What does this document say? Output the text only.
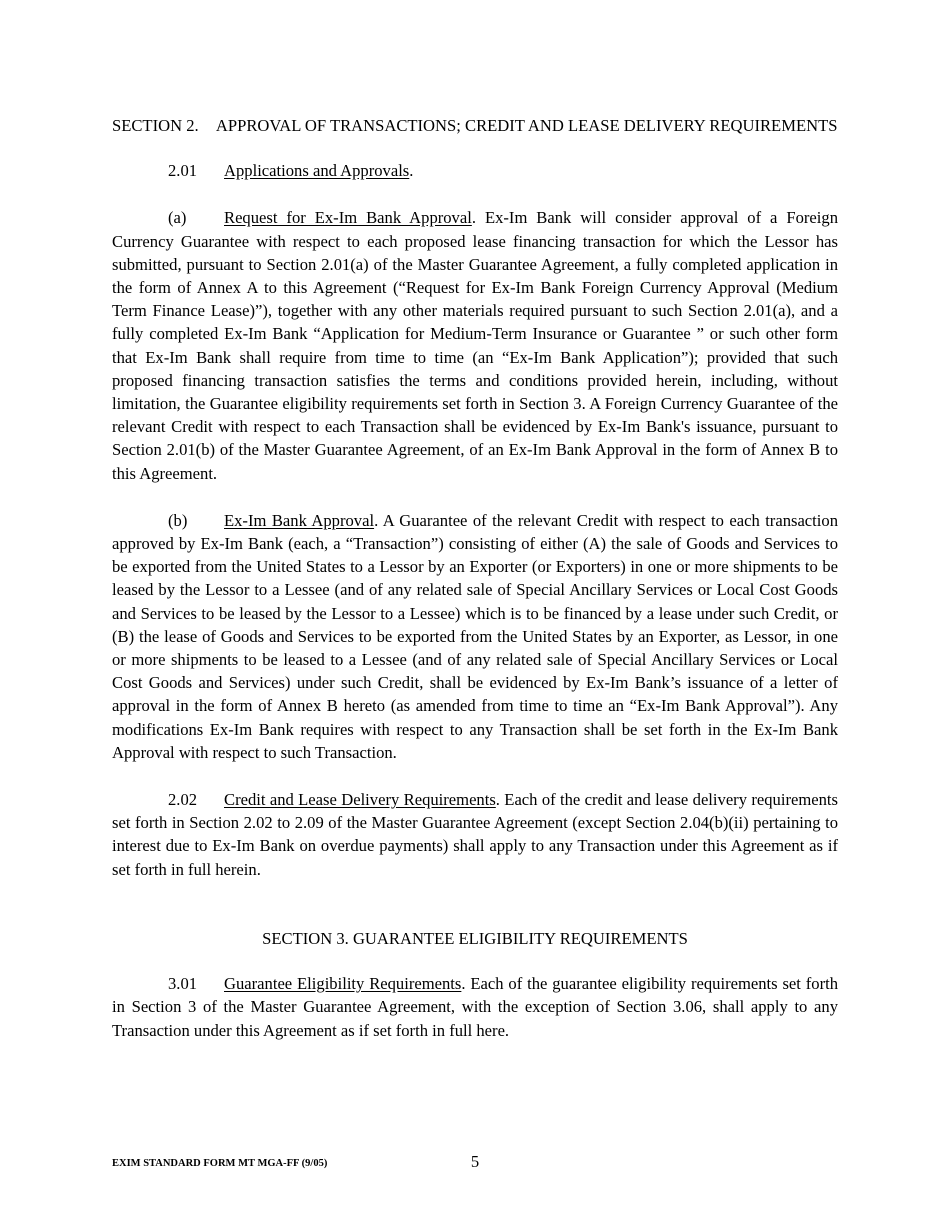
SECTION 2. APPROVAL OF TRANSACTIONS; CREDIT AND LEASE DELIVERY REQUIREMENTS

2.01 Applications and Approvals.

(a) Request for Ex-Im Bank Approval. Ex-Im Bank will consider approval of a Foreign Currency Guarantee with respect to each proposed lease financing transaction for which the Lessor has submitted, pursuant to Section 2.01(a) of the Master Guarantee Agreement, a fully completed application in the form of Annex A to this Agreement (“Request for Ex-Im Bank Foreign Currency Approval (Medium Term Finance Lease)”), together with any other materials required pursuant to such Section 2.01(a), and a fully completed Ex-Im Bank “Application for Medium-Term Insurance or Guarantee ” or such other form that Ex-Im Bank shall require from time to time (an “Ex-Im Bank Application”); provided that such proposed financing transaction satisfies the terms and conditions provided herein, including, without limitation, the Guarantee eligibility requirements set forth in Section 3. A Foreign Currency Guarantee of the relevant Credit with respect to each Transaction shall be evidenced by Ex-Im Bank's issuance, pursuant to Section 2.01(b) of the Master Guarantee Agreement, of an Ex-Im Bank Approval in the form of Annex B to this Agreement.

(b) Ex-Im Bank Approval. A Guarantee of the relevant Credit with respect to each transaction approved by Ex-Im Bank (each, a “Transaction”) consisting of either (A) the sale of Goods and Services to be exported from the United States to a Lessor by an Exporter (or Exporters) in one or more shipments to be leased by the Lessor to a Lessee (and of any related sale of Special Ancillary Services or Local Cost Goods and Services to be leased by the Lessor to a Lessee) which is to be financed by a lease under such Credit, or (B) the lease of Goods and Services to be exported from the United States by an Exporter, as Lessor, in one or more shipments to be leased to a Lessee (and of any related sale of Special Ancillary Services or Local Cost Goods and Services) under such Credit, shall be evidenced by Ex-Im Bank’s issuance of a letter of approval in the form of Annex B hereto (as amended from time to time an “Ex-Im Bank Approval”). Any modifications Ex-Im Bank requires with respect to any Transaction shall be set forth in the Ex-Im Bank Approval with respect to such Transaction.

2.02 Credit and Lease Delivery Requirements. Each of the credit and lease delivery requirements set forth in Section 2.02 to 2.09 of the Master Guarantee Agreement (except Section 2.04(b)(ii) pertaining to interest due to Ex-Im Bank on overdue payments) shall apply to any Transaction under this Agreement as if set forth in full herein.

SECTION 3. GUARANTEE ELIGIBILITY REQUIREMENTS

3.01 Guarantee Eligibility Requirements. Each of the guarantee eligibility requirements set forth in Section 3 of the Master Guarantee Agreement, with the exception of Section 3.06, shall apply to any Transaction under this Agreement as if set forth in full here.

EXIM STANDARD FORM MT MGA-FF (9/05)	5
